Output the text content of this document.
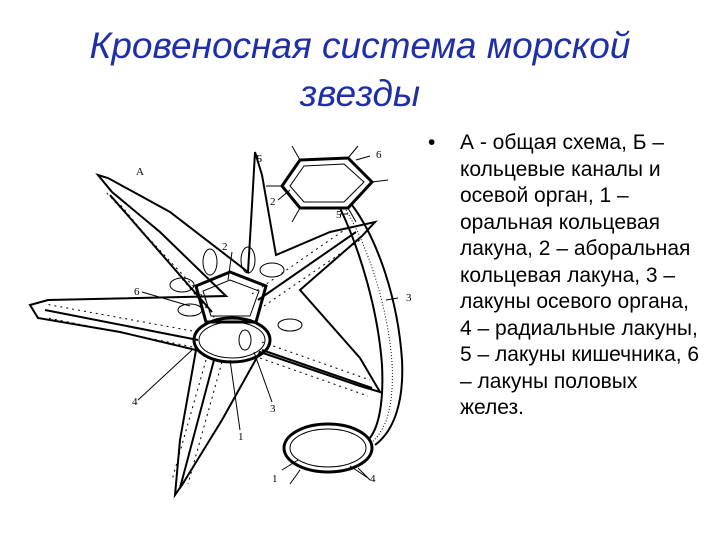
Кровеносная система морской
звезды
• А - общая схема, Б – кольцевые каналы и осевой орган, 1 – оральная кольцевая лакуна, 2 – аборальная кольцевая лакуна, 3 – лакуны осевого органа, 4 – радиальные лакуны, 5 – лакуны кишечника, 6 – лакуны половых желез.
А
Б	6
2
5
2
6	3
3
4
1
1	4
